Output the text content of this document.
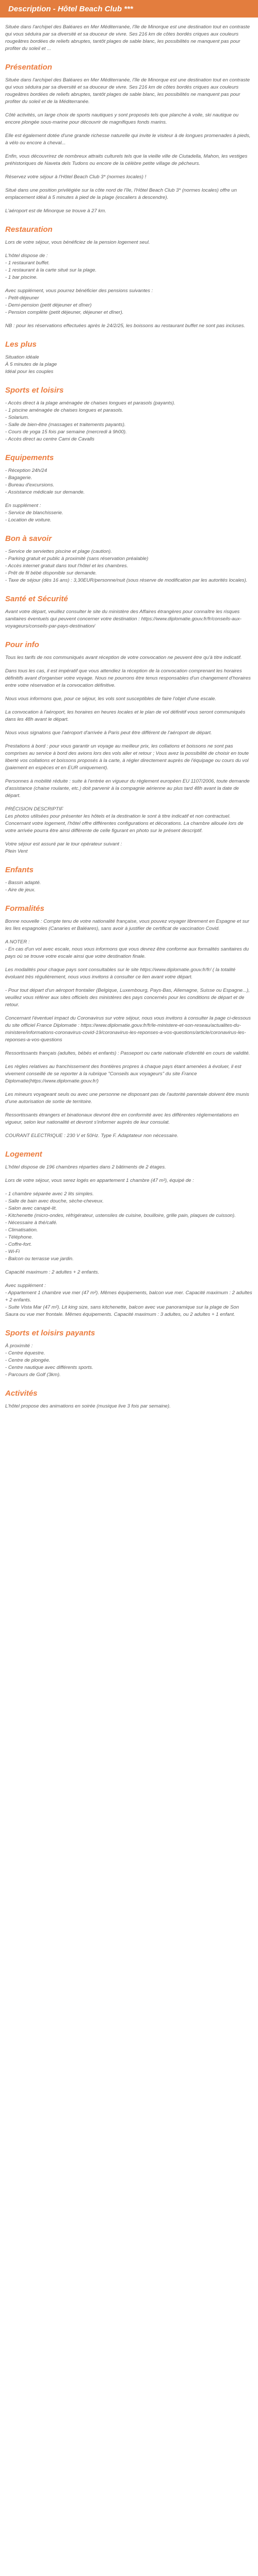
Description - Hôtel Beach Club ***

Située dans l'archipel des Baléares en Mer Méditerranée, l'île de Minorque est une destination tout en contraste qui vous séduira par sa diversité et sa douceur de vivre. Ses 216 km de côtes bordés criques aux couleurs rougeâtres bordées de reliefs abruptes, tantôt plages de sable blanc, les possibilités ne manquent pas pour profiter du soleil et ...

Présentation

Située dans l'archipel des Baléares en Mer Méditerranée, l'île de Minorque est une destination tout en contraste qui vous séduira par sa diversité et sa douceur de vivre. Ses 216 km de côtes bordés criques aux couleurs rougeâtres bordées de reliefs abruptes, tantôt plages de sable blanc, les possibilités ne manquent pas pour profiter du soleil et de la Méditerranée.

Côté activités, un large choix de sports nautiques y sont proposés tels que planche à voile, ski nautique ou encore plongée sous-marine pour découvrir de magnifiques fonds marins.

Elle est également dotée d'une grande richesse naturelle qui invite le visiteur à de longues promenades à pieds, à vélo ou encore à cheval...

Enfin, vous découvrirez de nombreux attraits culturels tels que la vieille ville de Ciutadella, Mahon, les vestiges préhistoriques de Naveta dels Tudons ou encore de la célèbre petite village de pêcheurs.

Réservez votre séjour à l'Hôtel Beach Club 3* (normes locales) !

Situé dans une position privilégiée sur la côte nord de l'île, l'Hôtel Beach Club 3* (normes locales) offre un emplacement idéal à 5 minutes à pied de la plage (escaliers à descendre).

L'aéroport est de Minorque se trouve à 27 km.

Restauration

Lors de votre séjour, vous bénéficiez de la pension logement seul.

L'hôtel dispose de :
- 1 restaurant buffet.
- 1 restaurant à la carte situé sur la plage.
- 1 bar piscine.
Avec supplément, vous pourrez bénéficier des pensions suivantes :
- Petit-déjeuner
- Demi-pension (petit déjeuner et dîner)
- Pension complète (petit déjeuner, déjeuner et dîner).

NB : pour les réservations effectuées après le 24/2/25, les boissons au restaurant buffet ne sont pas incluses.

Les plus
Situation idéale
À 5 minutes de la plage
Idéal pour les couples
Sports et loisirs
- Accès direct à la plage aménagée de chaises longues et parasols (payants).
- 1 piscine aménagée de chaises longues et parasols.
- Solarium.
- Salle de bien-être (massages et traitements payants).
- Cours de yoga 15 fois par semaine (mercredi à 9h00).
- Accès direct au centre Cami de Cavalls
Equipements
- Réception 24h/24
- Bagagerie.
- Bureau d'excursions.
- Assistance médicale sur demande.
En supplément :
- Service de blanchisserie.
- Location de voiture.
Bon à savoir
- Service de serviettes piscine et plage (caution).
- Parking gratuit et public à proximité (sans réservation préalable)
- Accès internet gratuit dans tout l'hôtel et les chambres.
- Prêt de fil bébé disponible sur demande.
- Taxe de séjour (dès 16 ans) : 3,30EUR/personne/nuit (sous réserve de modification par les autorités locales).
Santé et Sécurité

Avant votre départ, veuillez consulter le site du ministère des Affaires étrangères pour connaître les risques sanitaires éventuels qui peuvent concerner votre destination : https://www.diplomatie.gouv.fr/fr/conseils-aux-voyageurs/conseils-par-pays-destination/

Pour info

Tous les tarifs de nos communiqués avant réception de votre convocation ne peuvent être qu'à titre indicatif.

Dans tous les cas, il est impératif que vous attendiez la réception de la convocation comprenant les horaires définitifs avant d'organiser votre voyage. Nous ne pourrons être tenus responsables d'un changement d'horaires entre votre réservation et la convocation définitive.

Nous vous informons que, pour ce séjour, les vols sont susceptibles de faire l'objet d'une escale.

La convocation à l'aéroport, les horaires en heures locales et le plan de vol définitif vous seront communiqués dans les 48h avant le départ.

Nous vous signalons que l'aéroport d'arrivée à Paris peut être différent de l'aéroport de départ.

Prestations à bord : pour vous garantir un voyage au meilleur prix, les collations et boissons ne sont pas comprises au service à bord des avions lors des vols aller et retour ; Vous avez la possibilité de choisir en toute liberté vos collations et boissons proposés à la carte, à régler directement auprès de l'équipage ou cours du vol (paiement en espèces et en EUR uniquement).

Personnes à mobilité réduite : suite à l'entrée en vigueur du règlement européen EU 1107/2006, toute demande d'assistance (chaise roulante, etc.) doit parvenir à la compagnie aérienne au plus tard 48h avant la date de départ.

PRÉCISION DESCRIPTIF

Les photos utilisées pour présenter les hôtels et la destination le sont à titre indicatif et non contractuel. Concernant votre logement, l'hôtel offre différentes configurations et décorations. La chambre allouée lors de votre arrivée pourra être ainsi différente de celle figurant en photo sur le présent descriptif.

Votre séjour est assuré par le tour opérateur suivant :

Plein Vent

Enfants
- Bassin adapté.
- Aire de jeux.
Formalités

Bonne nouvelle : Compte tenu de votre nationalité française, vous pouvez voyager librement en Espagne et sur les îles espagnoles (Canaries et Baléares), sans avoir à justifier de certificat de vaccination Covid.

A NOTER :

- En cas d'un vol avec escale, nous vous informons que vous devrez être conforme aux formalités sanitaires du pays où se trouve votre escale ainsi que votre destination finale.

Les modalités pour chaque pays sont consultables sur le site https://www.diplomatie.gouv.fr/fr/ ( la totalité évoluant très régulièrement, nous vous invitons à consulter ce lien avant votre départ.

- Pour tout départ d'un aéroport frontalier (Belgique, Luxembourg, Pays-Bas, Allemagne, Suisse ou Espagne...), veuillez vous référer aux sites officiels des ministères des pays concernés pour les conditions de départ et de retour.

Concernant l'éventuel impact du Coronavirus sur votre séjour, nous vous invitons à consulter la page ci-dessous du site officiel France Diplomatie : https://www.diplomatie.gouv.fr/fr/le-ministere-et-son-reseau/actualites-du-ministere/informations-coronavirus-covid-19/coronavirus-les-reponses-a-vos-questions/article/coronavirus-les-reponses-a-vos-questions

Ressortissants français (adultes, bébés et enfants) : Passeport ou carte nationale d'identité en cours de validité.

Les règles relatives au franchissement des frontières propres à chaque pays étant amenées à évoluer, il est vivement conseillé de se reporter à la rubrique "Conseils aux voyageurs" du site France Diplomatie(https://www.diplomatie.gouv.fr/)

Les mineurs voyageant seuls ou avec une personne ne disposant pas de l'autorité parentale doivent être munis d'une autorisation de sortie de territoire.

Ressortissants étrangers et binationaux devront être en conformité avec les différentes réglementations en vigueur, selon leur nationalité et devront s'informer auprès de leur consulat.

COURANT ELECTRIQUE : 230 V et 50Hz. Type F. Adaptateur non nécessaire.

Logement

L'hôtel dispose de 196 chambres réparties dans 2 bâtiments de 2 étages.

Lors de votre séjour, vous serez logés en appartement 1 chambre (47 m²), équipé de :

- 1 chambre séparée avec 2 lits simples.
- Salle de bain avec douche, sèche-cheveux.
- Salon avec canapé-lit.
- Kitchenette (micro-ondes, réfrigérateur, ustensiles de cuisine, bouilloire, grille pain, plaques de cuisson).
- Nécessaire à thé/café.
- Climatisation.
- Téléphone.
- Coffre-fort.
- Wi-Fi
- Balcon ou terrasse vue jardin.

Capacité maximum : 2 adultes + 2 enfants.

Avec supplément :

- Appartement 1 chambre vue mer (47 m²). Mêmes équipements, balcon vue mer. Capacité maximum : 2 adultes + 2 enfants.
- Suite Vista Mar (47 m²). Lit king size, sans kitchenette, balcon avec vue panoramique sur la plage de Son Saura ou vue mer frontale. Mêmes équipements. Capacité maximum : 3 adultes, ou 2 adultes + 1 enfant.
Sports et loisirs payants
À proximité :
- Centre équestre.
- Centre de plongée.
- Centre nautique avec différents sports.
- Parcours de Golf (3km).
Activités

L'hôtel propose des animations en soirée (musique live 3 fois par semaine).
